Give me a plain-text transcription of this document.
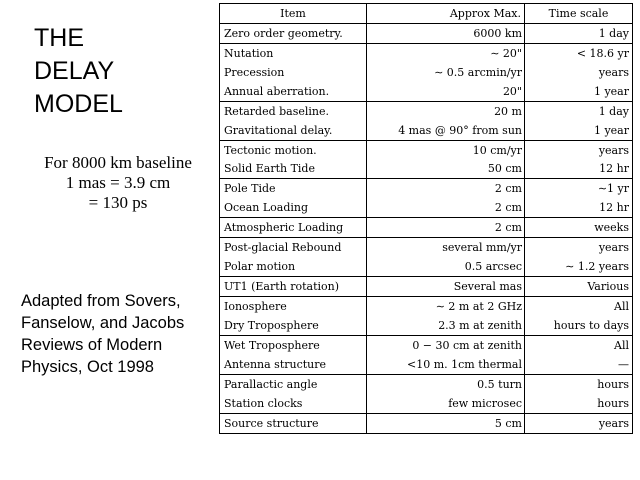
THE
DELAY
MODEL
For 8000 km baseline
1 mas = 3.9 cm
= 130 ps
Adapted from Sovers,
Fanselow, and Jacobs
Reviews of Modern
Physics, Oct 1998
Item	Approx Max.	Time scale
Zero order geometry.	6000 km	1 day
Nutation	∼ 20"	< 18.6 yr
Precession	∼ 0.5 arcmin/yr	years
Annual aberration.	20"	1 year
Retarded baseline.	20 m	1 day
Gravitational delay.	4 mas @ 90° from sun	1 year
Tectonic motion.	10 cm/yr	years
Solid Earth Tide	50 cm	12 hr
Pole Tide	2 cm	∼1 yr
Ocean Loading	2 cm	12 hr
Atmospheric Loading	2 cm	weeks
Post-glacial Rebound	several mm/yr	years
Polar motion	0.5 arcsec	∼ 1.2 years
UT1 (Earth rotation)	Several mas	Various
Ionosphere	∼ 2 m at 2 GHz	All
Dry Troposphere	2.3 m at zenith	hours to days
Wet Troposphere	0 − 30 cm at zenith	All
Antenna structure	<10 m. 1cm thermal	—
Parallactic angle	0.5 turn	hours
Station clocks	few microsec	hours
Source structure	5 cm	years
